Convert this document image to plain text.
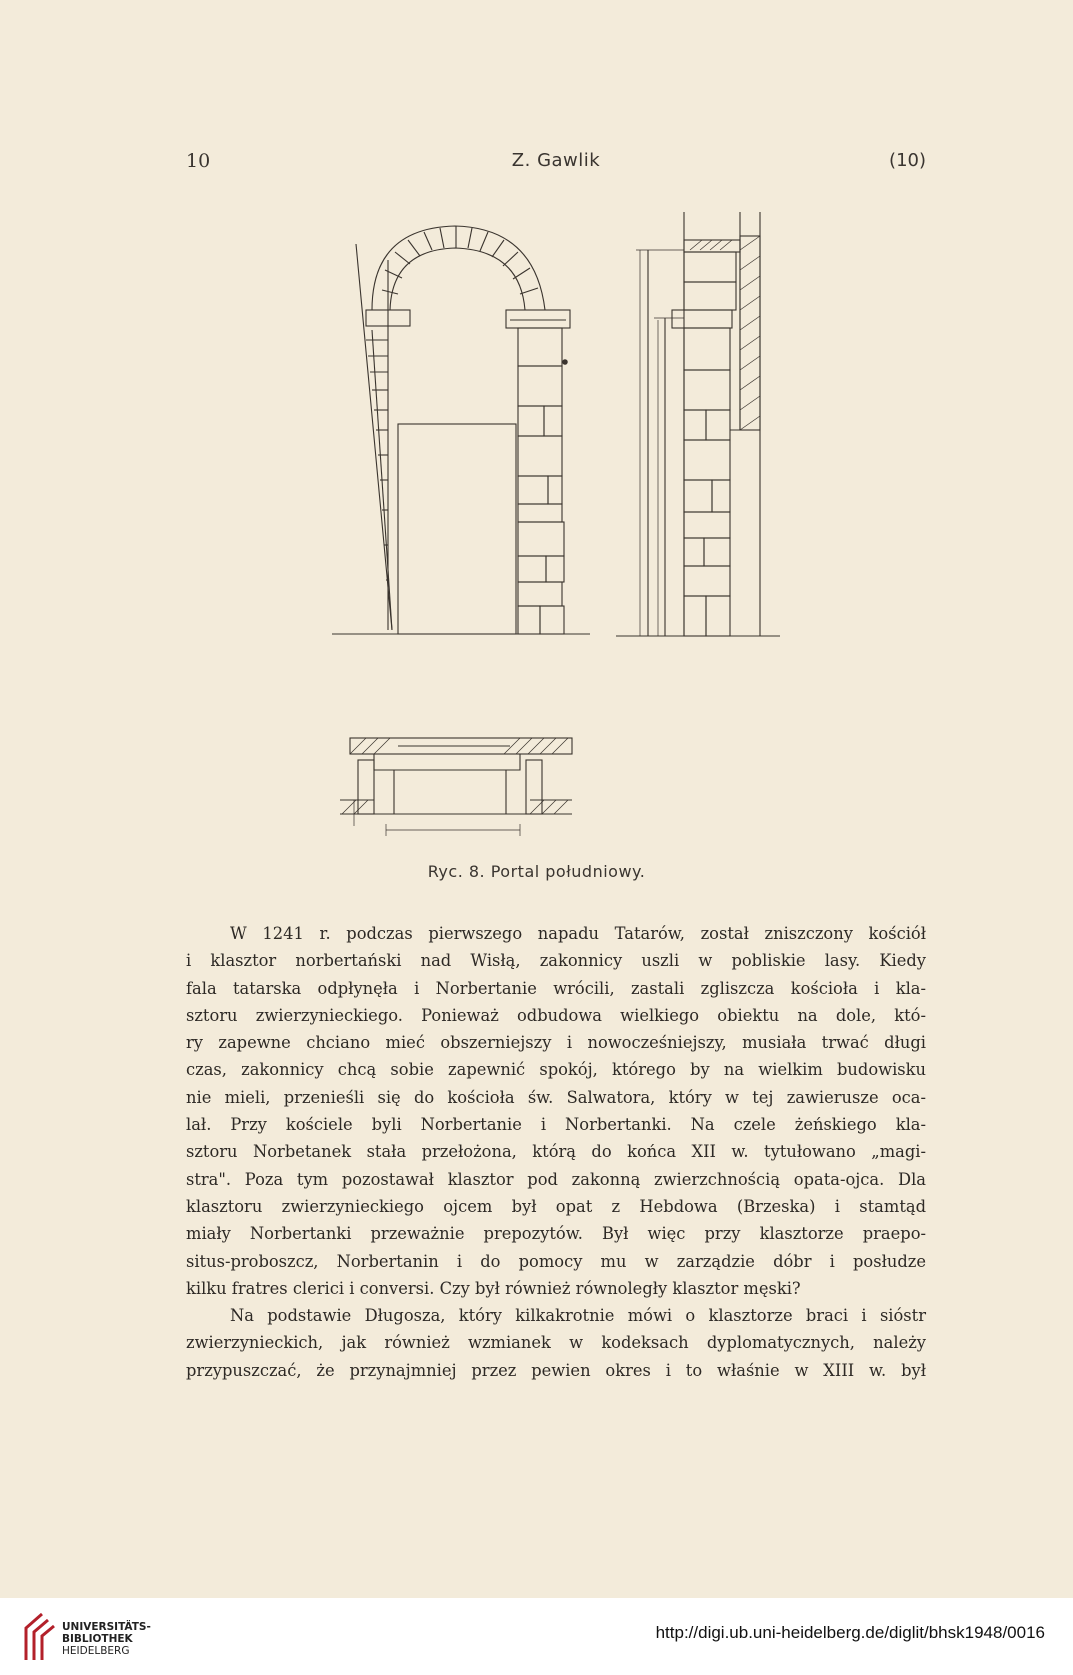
10	Z. Gawlik	(10)
Ryc. 8. Portal południowy.
W 1241 r. podczas pierwszego napadu Tatarów, został zniszczony kościół
i klasztor norbertański nad Wisłą, zakonnicy uszli w pobliskie lasy. Kiedy
fala tatarska odpłynęła i Norbertanie wrócili, zastali zgliszcza kościoła i kla-
sztoru zwierzynieckiego. Ponieważ odbudowa wielkiego obiektu na dole, któ-
ry zapewne chciano mieć obszerniejszy i nowocześniejszy, musiała trwać długi
czas, zakonnicy chcą sobie zapewnić spokój, którego by na wielkim budowisku
nie mieli, przenieśli się do kościoła św. Salwatora, który w tej zawierusze oca-
lał. Przy kościele byli Norbertanie i Norbertanki. Na czele żeńskiego kla-
sztoru Norbetanek stała przełożona, którą do końca XII w. tytułowano „magi-
stra". Poza tym pozostawał klasztor pod zakonną zwierzchnością opata-ojca. Dla
klasztoru zwierzynieckiego ojcem był opat z Hebdowa (Brzeska) i stamtąd
miały Norbertanki przeważnie prepozytów. Był więc przy klasztorze praepo-
situs-proboszcz, Norbertanin i do pomocy mu w zarządzie dóbr i posłudze
kilku fratres clerici i conversi. Czy był również równoległy klasztor męski?
Na podstawie Długosza, który kilkakrotnie mówi o klasztorze braci i sióstr
zwierzynieckich, jak również wzmianek w kodeksach dyplomatycznych, należy
przypuszczać, że przynajmniej przez pewien okres i to właśnie w XIII w. był
UNIVERSITÄTS-
BIBLIOTHEK
HEIDELBERG
http://digi.ub.uni-heidelberg.de/diglit/bhsk1948/0016
